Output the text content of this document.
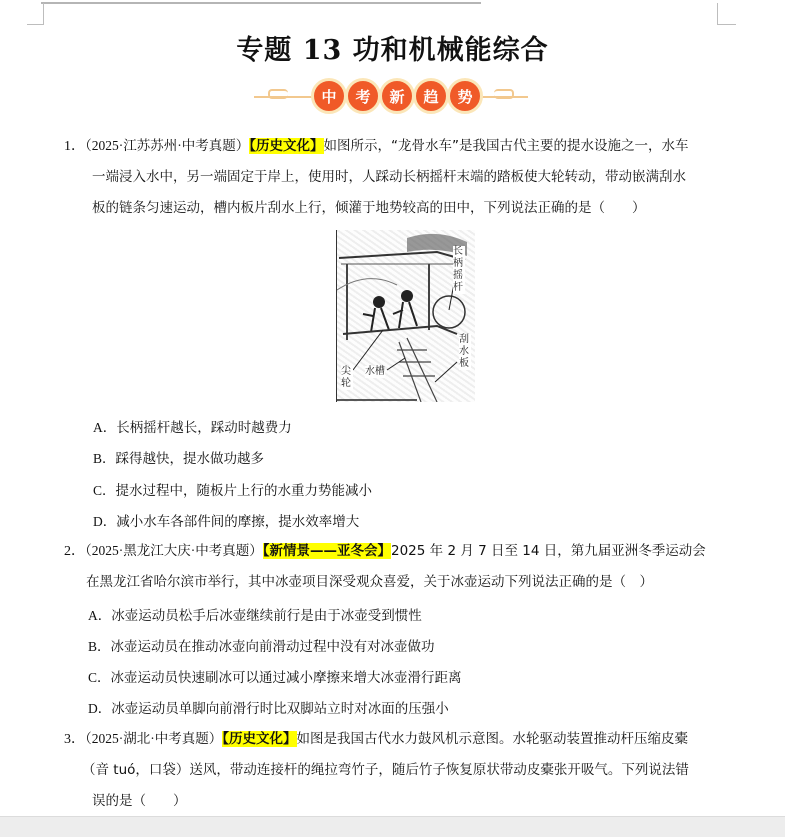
专题 13 功和机械能综合
中	考	新	趋	势
1．（2025·江苏苏州·中考真题）【历史文化】如图所示，“龙骨水车”是我国古代主要的提水设施之一，水车
一端浸入水中，另一端固定于岸上，使用时，人踩动长柄摇杆末端的踏板使大轮转动，带动嵌满刮水
板的链条匀速运动，槽内板片刮水上行，倾灌于地势较高的田中，下列说法正确的是（　　）
长柄摇杆
刮水板
水槽
尖轮
A．长柄摇杆越长，踩动时越费力
B．踩得越快，提水做功越多
C．提水过程中，随板片上行的水重力势能减小
D．减小水车各部件间的摩擦，提水效率增大
2．（2025·黑龙江大庆·中考真题）【新情景——亚冬会】2025 年 2 月 7 日至 14 日，第九届亚洲冬季运动会
在黑龙江省哈尔滨市举行，其中冰壶项目深受观众喜爱，关于冰壶运动下列说法正确的是（　）
A．冰壶运动员松手后冰壶继续前行是由于冰壶受到惯性
B．冰壶运动员在推动冰壶向前滑动过程中没有对冰壶做功
C．冰壶运动员快速刷冰可以通过减小摩擦来增大冰壶滑行距离
D．冰壶运动员单脚向前滑行时比双脚站立时对冰面的压强小
3．（2025·湖北·中考真题）【历史文化】如图是我国古代水力鼓风机示意图。水轮驱动装置推动杆压缩皮橐
（音 tuó，口袋）送风，带动连接杆的绳拉弯竹子，随后竹子恢复原状带动皮橐张开吸气。下列说法错
误的是（　　）
